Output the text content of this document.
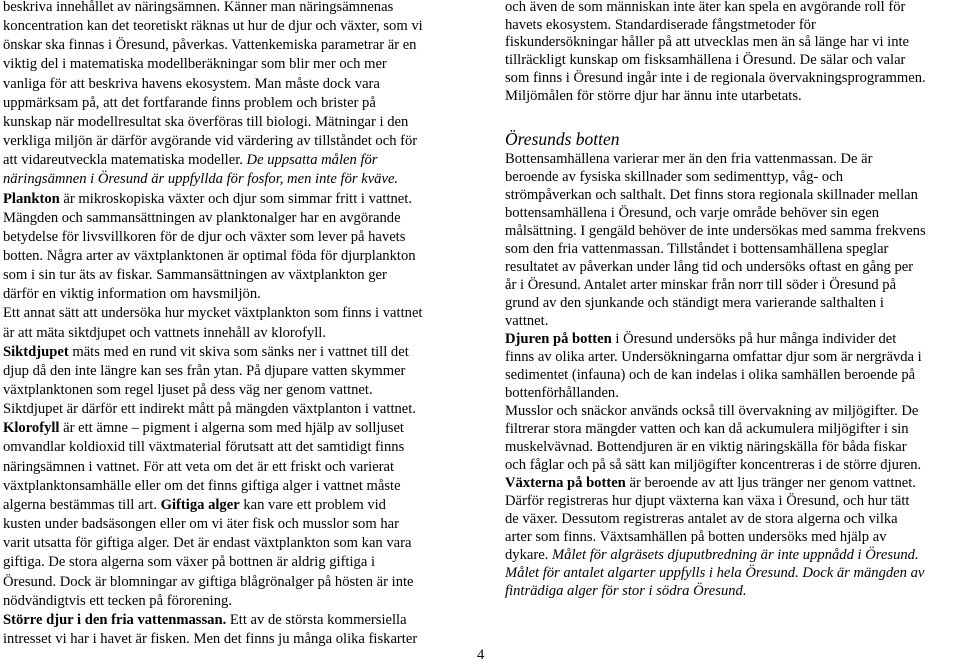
beskriva innehållet av näringsämnen. Känner man näringsämnenas
koncentration kan det teoretiskt räknas ut hur de djur och växter, som vi
önskar ska finnas i Öresund, påverkas. Vattenkemiska parametrar är en
viktig del i matematiska modellberäkningar som blir mer och mer
vanliga för att beskriva havens ekosystem. Man måste dock vara
uppmärksam på, att det fortfarande finns problem och brister på
kunskap när modellresultat ska överföras till biologi. Mätningar i den
verkliga miljön är därför avgörande vid värdering av tillståndet och för
att vidareutveckla matematiska modeller. De uppsatta målen för
näringsämnen i Öresund är uppfyllda för fosfor, men inte för kväve.
Plankton är mikroskopiska växter och djur som simmar fritt i vattnet.
Mängden och sammansättningen av planktonalger har en avgörande
betydelse för livsvillkoren för de djur och växter som lever på havets
botten. Några arter av växtplanktonen är optimal föda för djurplankton
som i sin tur äts av fiskar. Sammansättningen av växtplankton ger
därför en viktig information om havsmiljön.
Ett annat sätt att undersöka hur mycket växtplankton som finns i vattnet
är att mäta siktdjupet och vattnets innehåll av klorofyll.
Siktdjupet mäts med en rund vit skiva som sänks ner i vattnet till det
djup då den inte längre kan ses från ytan. På djupare vatten skymmer
växtplanktonen som regel ljuset på dess väg ner genom vattnet.
Siktdjupet är därför ett indirekt mått på mängden växtplanton i vattnet.
Klorofyll är ett ämne – pigment i algerna som med hjälp av solljuset
omvandlar koldioxid till växtmaterial förutsatt att det samtidigt finns
näringsämnen i vattnet. För att veta om det är ett friskt och varierat
växtplanktonsamhälle eller om det finns giftiga alger i vattnet måste
algerna bestämmas till art. Giftiga alger kan vare ett problem vid
kusten under badsäsongen eller om vi äter fisk och musslor som har
varit utsatta för giftiga alger. Det är endast växtplankton som kan vara
giftiga. De stora algerna som växer på bottnen är aldrig giftiga i
Öresund. Dock är blomningar av giftiga blågrönalger på hösten är inte
nödvändigtvis ett tecken på förorening.
Större djur i den fria vattenmassan. Ett av de största kommersiella
intresset vi har i havet är fisken. Men det finns ju många olika fiskarter
och även de som människan inte äter kan spela en avgörande roll för
havets ekosystem. Standardiserade fångstmetoder för
fiskundersökningar håller på att utvecklas men än så länge har vi inte
tillräckligt kunskap om fisksamhällena i Öresund. De sälar och valar
som finns i Öresund ingår inte i de regionala övervakningsprogrammen.
Miljömålen för större djur har ännu inte utarbetats.
Öresunds botten
Bottensamhällena varierar mer än den fria vattenmassan. De är
beroende av fysiska skillnader som sedimenttyp, våg- och
strömpåverkan och salthalt. Det finns stora regionala skillnader mellan
bottensamhällena i Öresund, och varje område behöver sin egen
målsättning. I gengäld behöver de inte undersökas med samma frekvens
som den fria vattenmassan. Tillståndet i bottensamhällena speglar
resultatet av påverkan under lång tid och undersöks oftast en gång per
år i Öresund. Antalet arter minskar från norr till söder i Öresund på
grund av den sjunkande och ständigt mera varierande salthalten i
vattnet.
Djuren på botten i Öresund undersöks på hur många individer det
finns av olika arter. Undersökningarna omfattar djur som är nergrävda i
sedimentet (infauna) och de kan indelas i olika samhällen beroende på
bottenförhållanden.
Musslor och snäckor används också till övervakning av miljögifter. De
filtrerar stora mängder vatten och kan då ackumulera miljögifter i sin
muskelvävnad. Bottendjuren är en viktig näringskälla för båda fiskar
och fåglar och på så sätt kan miljögifter koncentreras i de större djuren.
Växterna på botten är beroende av att ljus tränger ner genom vattnet.
Därför registreras hur djupt växterna kan växa i Öresund, och hur tätt
de växer. Dessutom registreras antalet av de stora algerna och vilka
arter som finns. Växtsamhällen på botten undersöks med hjälp av
dykare. Målet för algräsets djuputbredning är inte uppnådd i Öresund.
Målet för antalet algarter uppfylls i hela Öresund. Dock är mängden av
finträdiga alger för stor i södra Öresund.
4
